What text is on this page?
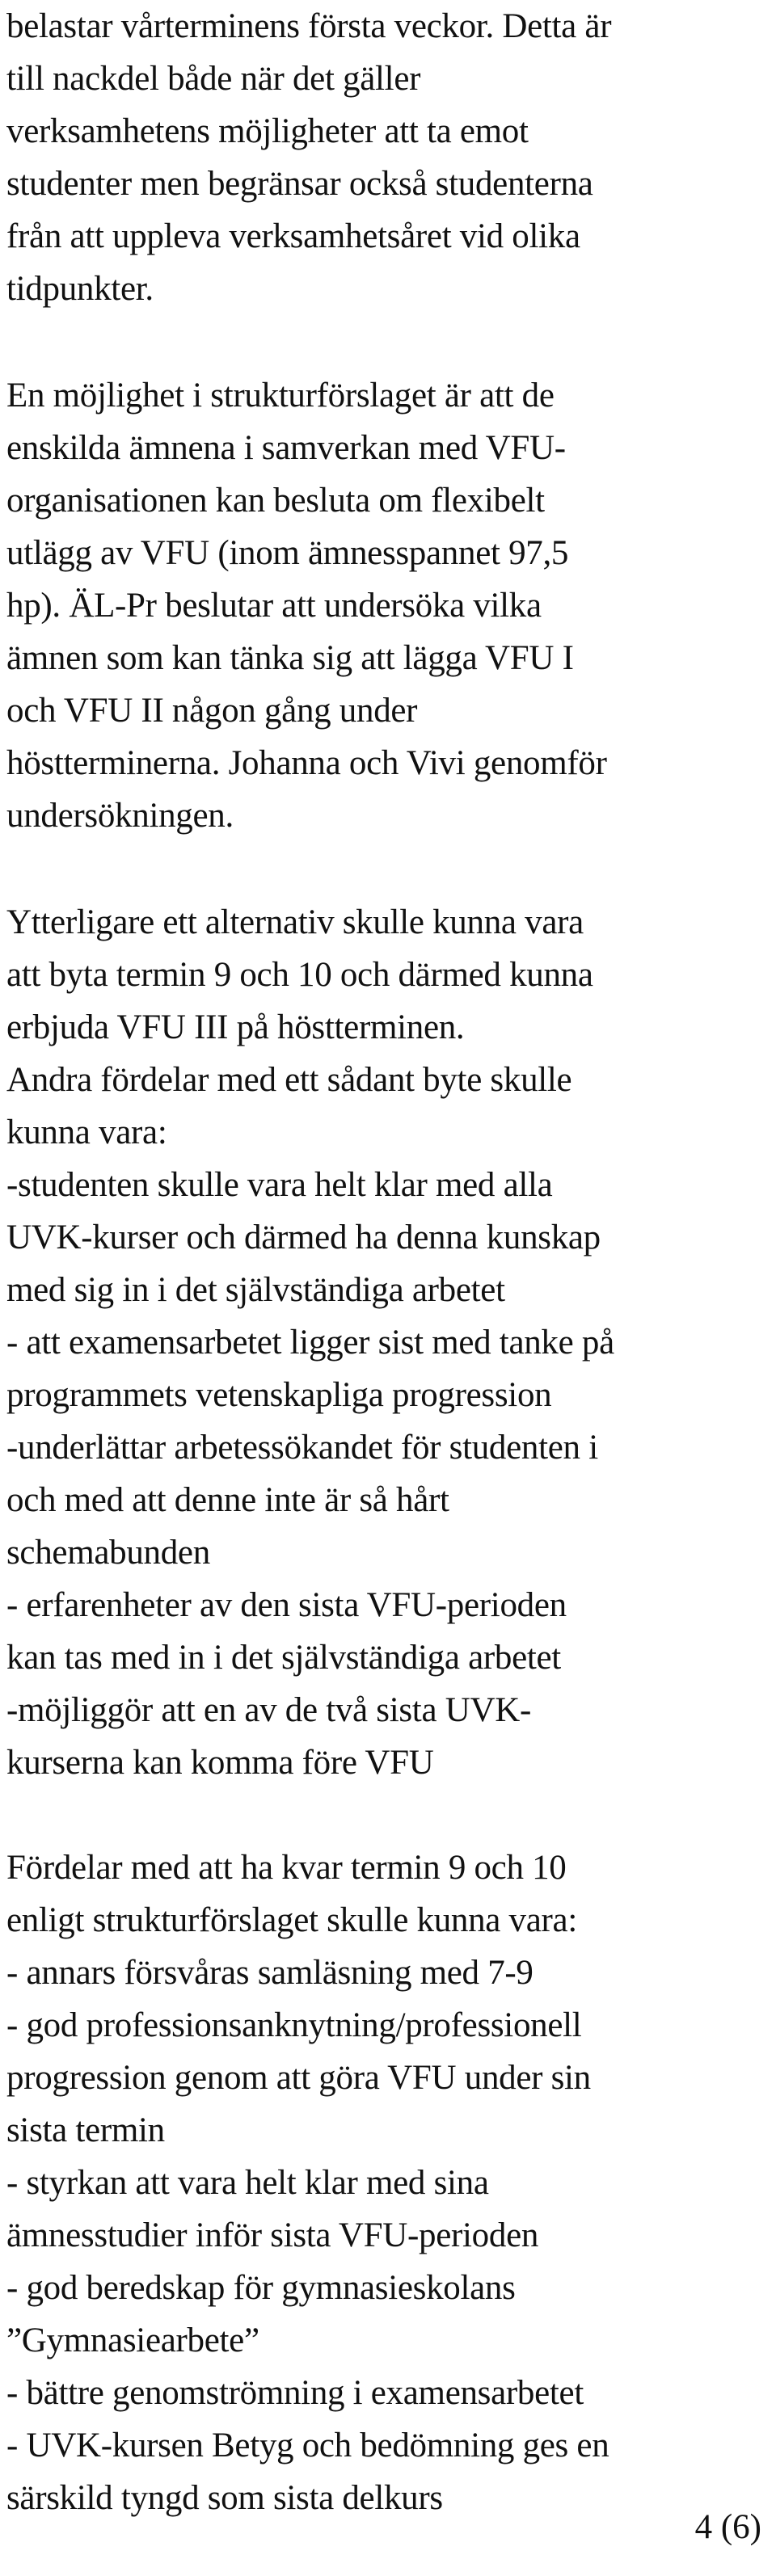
belastar vårterminens första veckor. Detta är
till nackdel både när det gäller
verksamhetens möjligheter att ta emot
studenter men begränsar också studenterna
från att uppleva verksamhetsåret vid olika
tidpunkter.
En möjlighet i strukturförslaget är att de
enskilda ämnena i samverkan med VFU-
organisationen kan besluta om flexibelt
utlägg av VFU (inom ämnesspannet 97,5
hp). ÄL-Pr beslutar att undersöka vilka
ämnen som kan tänka sig att lägga VFU I
och VFU II någon gång under
höstterminerna. Johanna och Vivi genomför
undersökningen.
Ytterligare ett alternativ skulle kunna vara
att byta termin 9 och 10 och därmed kunna
erbjuda VFU III på höstterminen.
Andra fördelar med ett sådant byte skulle
kunna vara:
-studenten skulle vara helt klar med alla
UVK-kurser och därmed ha denna kunskap
med sig in i det självständiga arbetet
- att examensarbetet ligger sist med tanke på
programmets vetenskapliga progression
-underlättar arbetessökandet för studenten i
och med att denne inte är så hårt
schemabunden
- erfarenheter av den sista VFU-perioden
kan tas med in i det självständiga arbetet
-möjliggör att en av de två sista UVK-
kurserna kan komma före VFU
Fördelar med att ha kvar termin 9 och 10
enligt strukturförslaget skulle kunna vara:
- annars försvåras samläsning med 7-9
- god professionsanknytning/professionell
progression genom att göra VFU under sin
sista termin
- styrkan att vara helt klar med sina
ämnesstudier inför sista VFU-perioden
- god beredskap för gymnasieskolans
”Gymnasiearbete”
- bättre genomströmning i examensarbetet
- UVK-kursen Betyg och bedömning ges en
särskild tyngd som sista delkurs
4 (6)
